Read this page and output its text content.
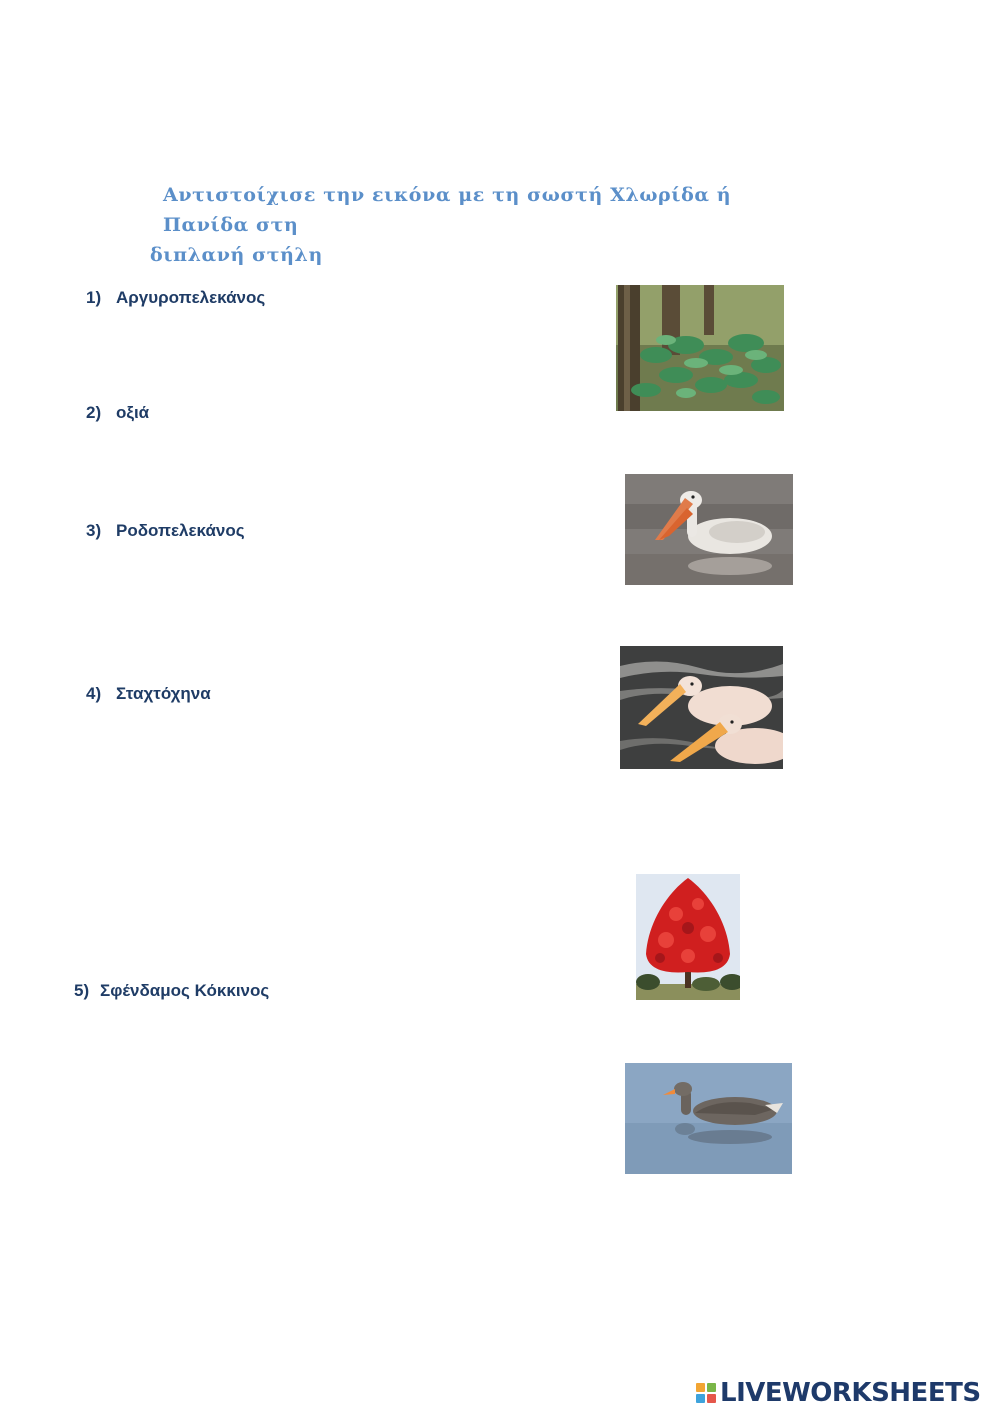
Αντιστοίχισε την εικόνα με τη σωστή Χλωρίδα ή Πανίδα στη
διπλανή στήλη
1) Αργυροπελεκάνος
2) οξιά
3) Ροδοπελεκάνος
4) Σταχτόχηνα
5) Σφένδαμος Κόκκινος
LIVEWORKSHEETS
